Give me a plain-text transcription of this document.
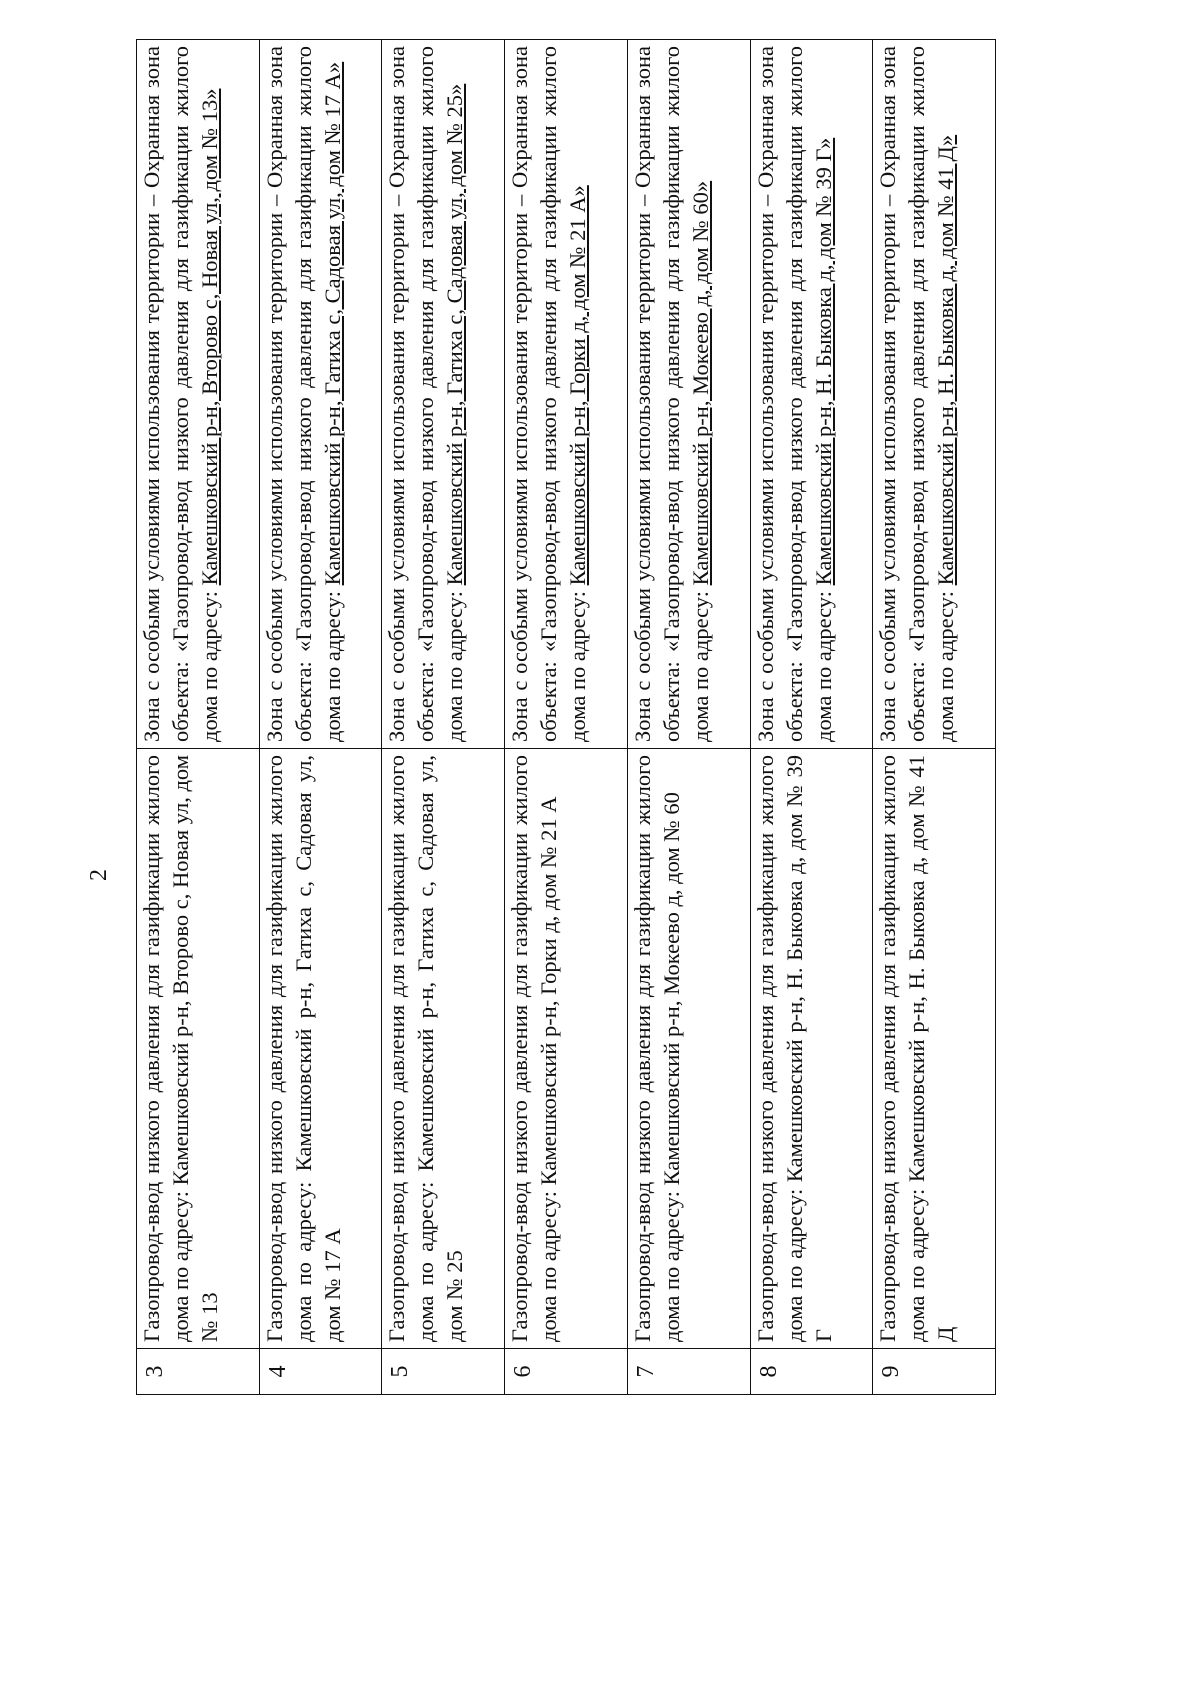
2
3	Газопровод-ввод низкого давления для газификации жилого дома по адресу: Камешковский р-н, Второво с, Новая ул, дом № 13	Зона с особыми условиями использования территории – Охранная зона объекта: «Газопровод-ввод низкого давления для газификации жилого дома по адресу: Камешковский р-н, Второво с, Новая ул, дом № 13»
4	Газопровод-ввод низкого давления для газификации жилого дома по адресу: Камешковский р-н, Гатиха с, Садовая ул, дом № 17 А	Зона с особыми условиями использования территории – Охранная зона объекта: «Газопровод-ввод низкого давления для газификации жилого дома по адресу: Камешковский р-н, Гатиха с, Садовая ул, дом № 17 А»
5	Газопровод-ввод низкого давления для газификации жилого дома по адресу: Камешковский р-н, Гатиха с, Садовая ул, дом № 25	Зона с особыми условиями использования территории – Охранная зона объекта: «Газопровод-ввод низкого давления для газификации жилого дома по адресу: Камешковский р-н, Гатиха с, Садовая ул, дом № 25»
6	Газопровод-ввод низкого давления для газификации жилого дома по адресу: Камешковский р-н, Горки д, дом № 21 А	Зона с особыми условиями использования территории – Охранная зона объекта: «Газопровод-ввод низкого давления для газификации жилого дома по адресу: Камешковский р-н, Горки д, дом № 21 А»
7	Газопровод-ввод низкого давления для газификации жилого дома по адресу: Камешковский р-н, Мокеево д, дом № 60	Зона с особыми условиями использования территории – Охранная зона объекта: «Газопровод-ввод низкого давления для газификации жилого дома по адресу: Камешковский р-н, Мокеево д, дом № 60»
8	Газопровод-ввод низкого давления для газификации жилого дома по адресу: Камешковский р-н, Н. Быковка д, дом № 39 Г	Зона с особыми условиями использования территории – Охранная зона объекта: «Газопровод-ввод низкого давления для газификации жилого дома по адресу: Камешковский р-н, Н. Быковка д, дом № 39 Г»
9	Газопровод-ввод низкого давления для газификации жилого дома по адресу: Камешковский р-н, Н. Быковка д, дом № 41 Д	Зона с особыми условиями использования территории – Охранная зона объекта: «Газопровод-ввод низкого давления для газификации жилого дома по адресу: Камешковский р-н, Н. Быковка д, дом № 41 Д»
